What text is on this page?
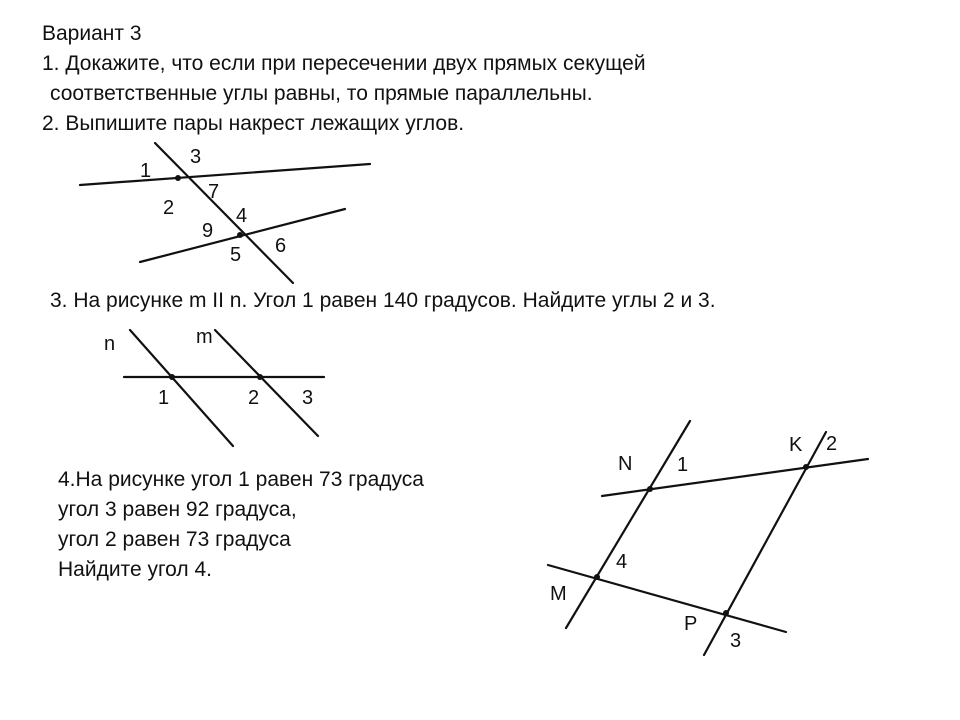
Вариант 3
1. Докажите, что если при пересечении двух прямых секущей
соответственные углы равны, то прямые параллельны.
2. Выпишите пары накрест лежащих углов.
1
3
7
2	4
9
6
5
3. На рисунке m II n. Угол 1 равен 140 градусов. Найдите углы 2 и 3.
n	m
1	2 3
4.На рисунке угол 1 равен 73 градуса
угол 3 равен 92 градуса,
угол 2 равен 73 градуса
Найдите угол 4.
N 1
K 2
4
M
P
3
